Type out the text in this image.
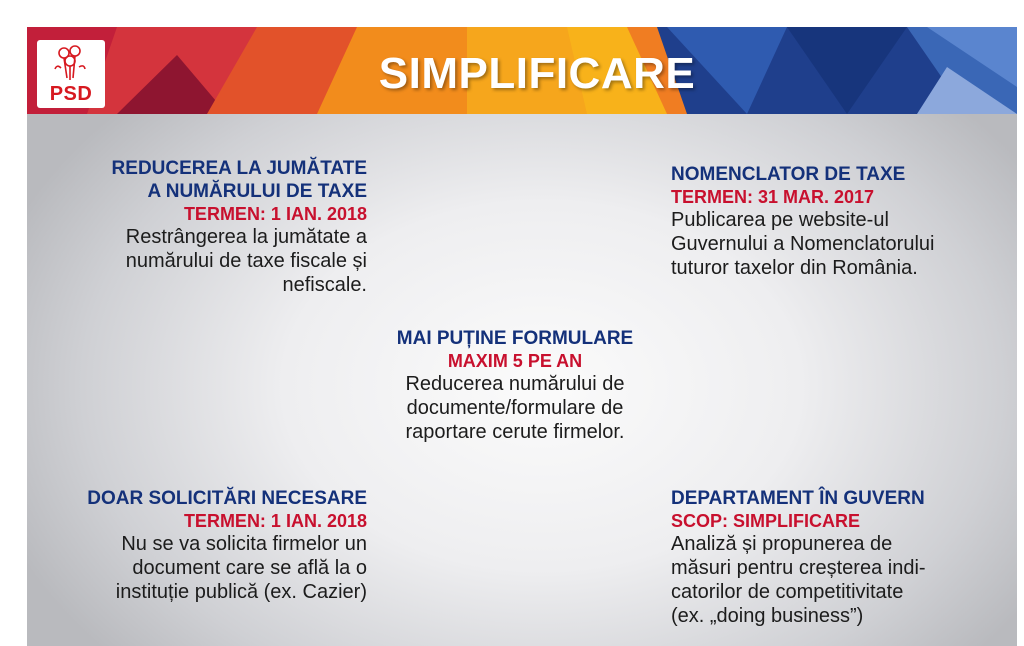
PSD	SIMPLIFICARE
REDUCEREA LA JUMĂTATE
A NUMĂRULUI DE TAXE
TERMEN: 1 IAN. 2018
Restrângerea la jumătate a
numărului de taxe fiscale și
nefiscale.
NOMENCLATOR DE TAXE
TERMEN: 31 MAR. 2017
Publicarea pe website-ul
Guvernului a Nomenclatorului
tuturor taxelor din România.
MAI PUȚINE FORMULARE
MAXIM 5 PE AN
Reducerea numărului de
documente/formulare de
raportare cerute firmelor.
DOAR SOLICITĂRI NECESARE
TERMEN: 1 IAN. 2018
Nu se va solicita firmelor un
document care se află la o
instituție publică (ex. Cazier)
DEPARTAMENT ÎN GUVERN
SCOP: SIMPLIFICARE
Analiză și propunerea de
măsuri pentru creșterea indi-
catorilor de competitivitate
(ex. „doing business”)
